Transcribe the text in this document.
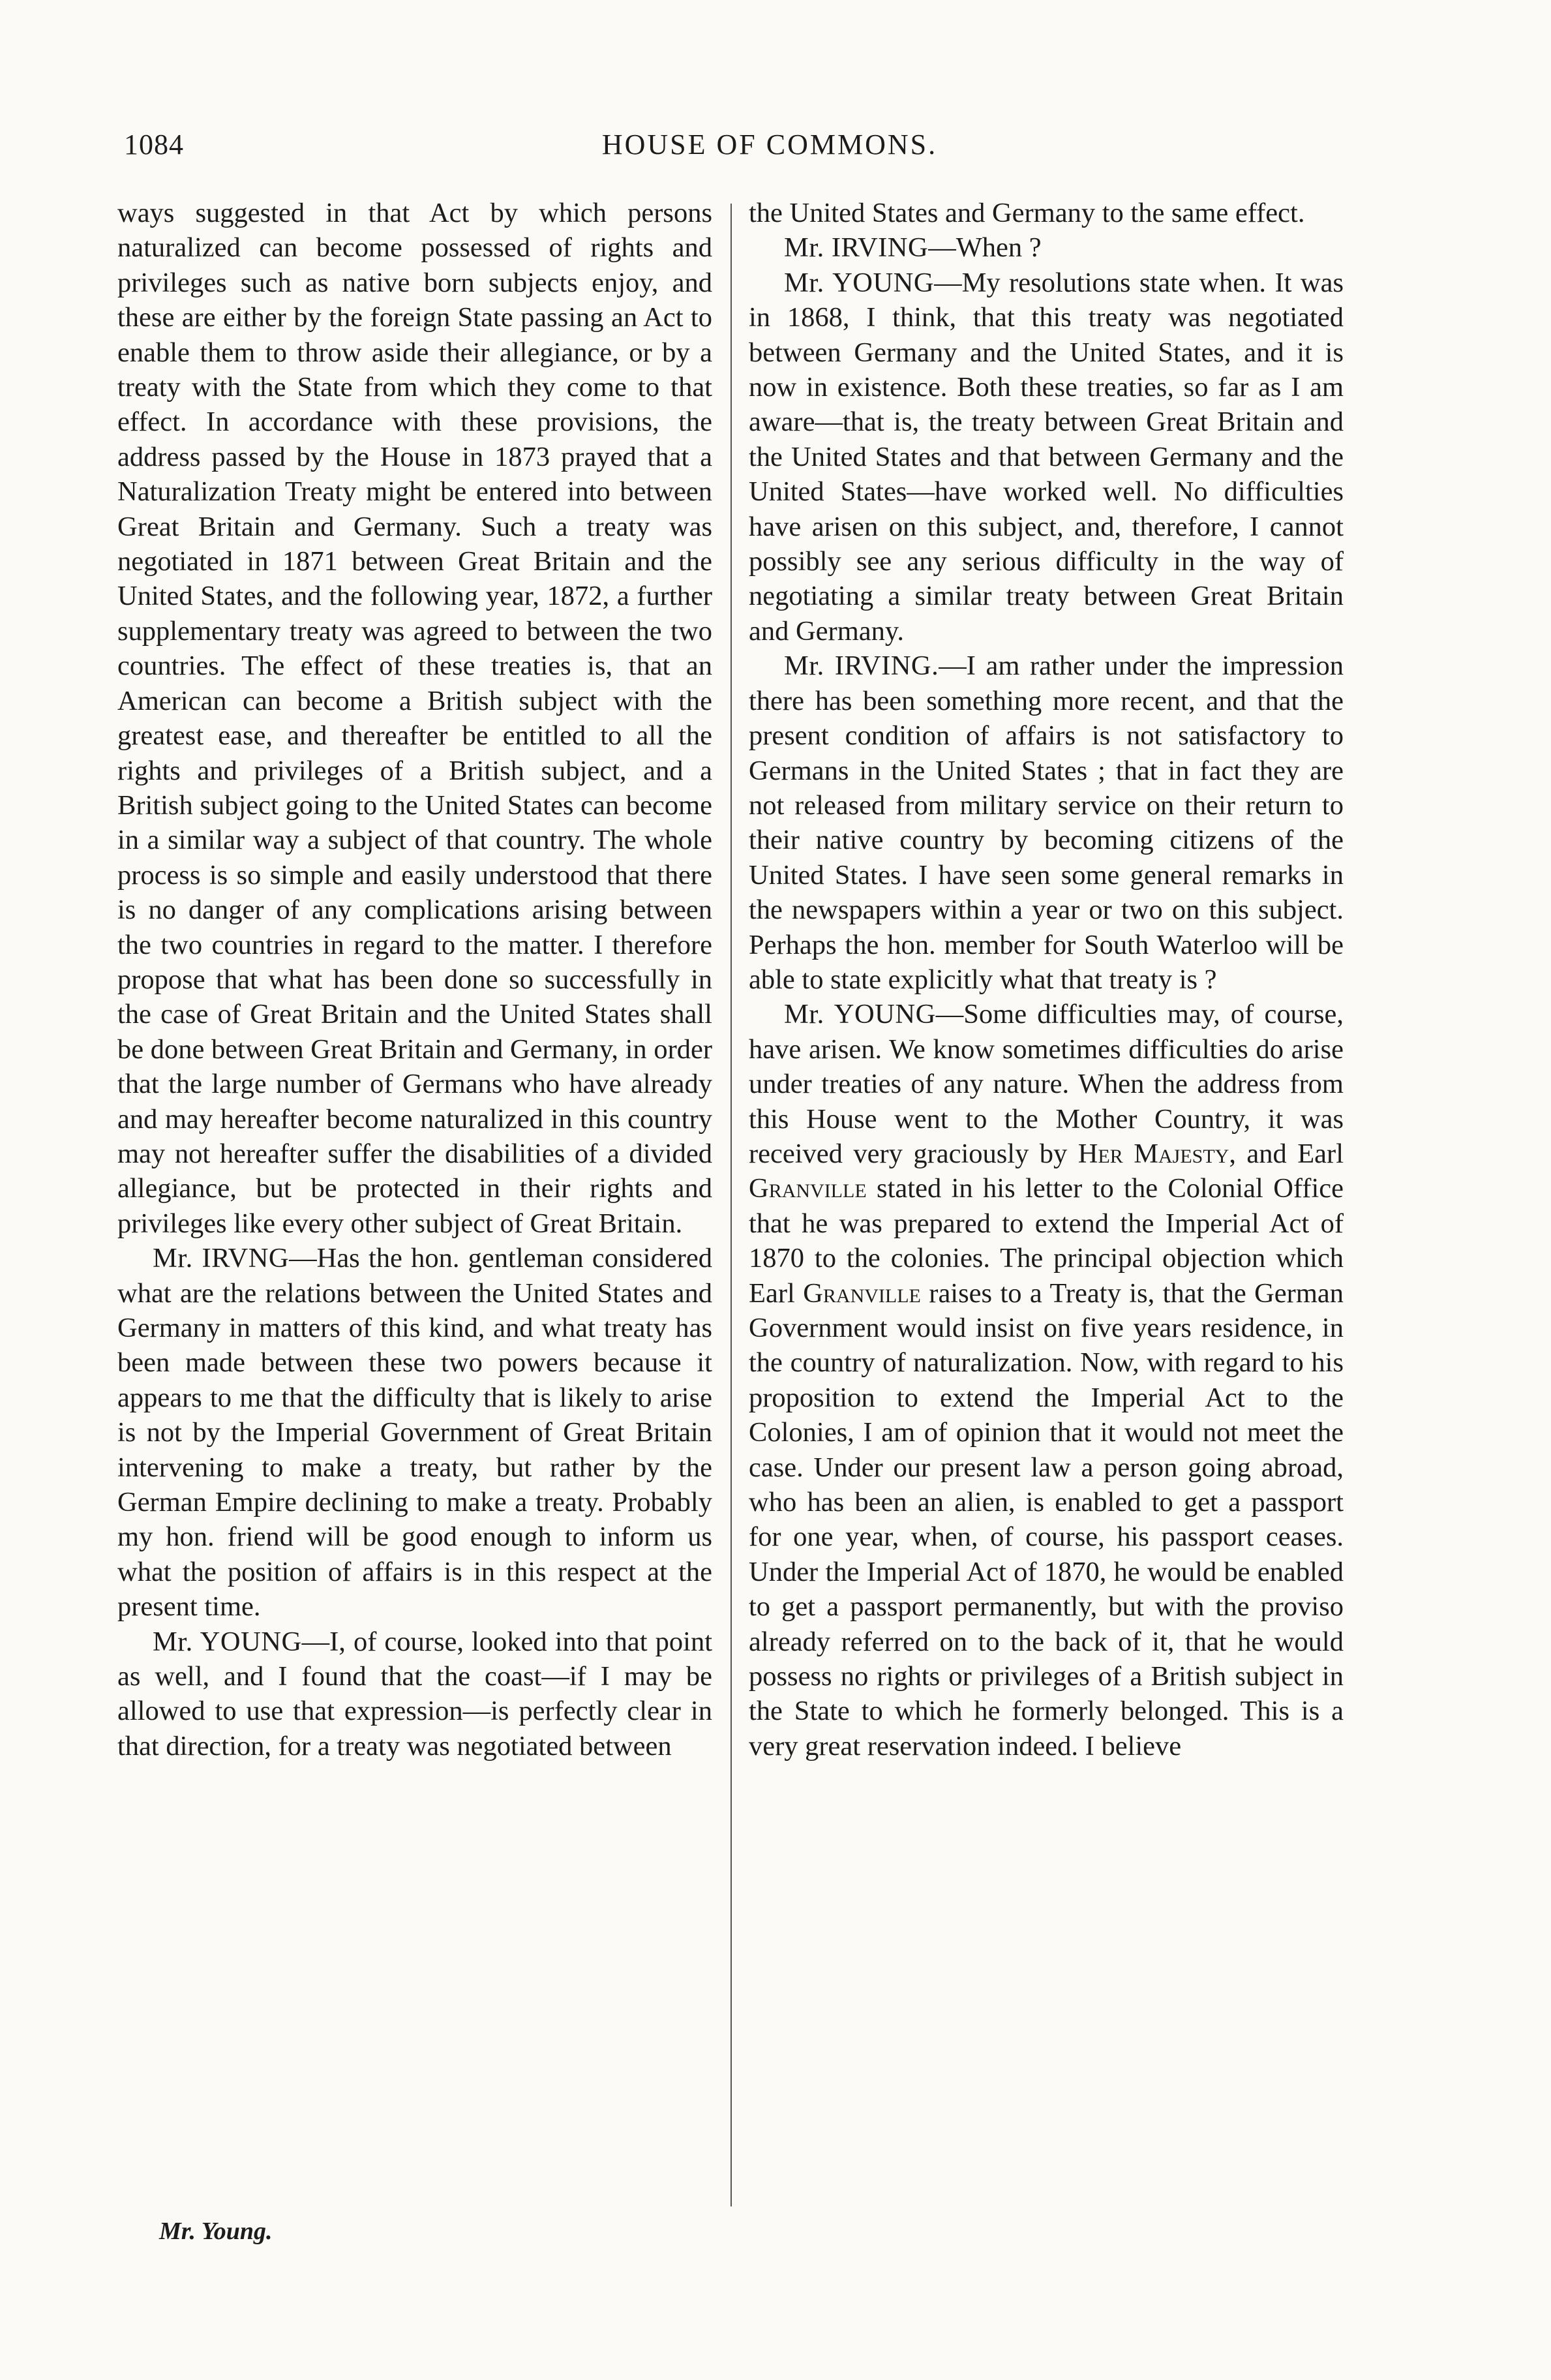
1084	HOUSE OF COMMONS.

ways suggested in that Act by which persons naturalized can become possessed of rights and privileges such as native born subjects enjoy, and these are either by the foreign State passing an Act to enable them to throw aside their allegiance, or by a treaty with the State from which they come to that effect. In accordance with these provisions, the address passed by the House in 1873 prayed that a Naturalization Treaty might be entered into between Great Britain and Germany. Such a treaty was negotiated in 1871 between Great Britain and the United States, and the following year, 1872, a further supplementary treaty was agreed to between the two countries. The effect of these treaties is, that an American can become a British subject with the greatest ease, and thereafter be entitled to all the rights and privileges of a British subject, and a British subject going to the United States can become in a similar way a subject of that country. The whole process is so simple and easily understood that there is no danger of any complications arising between the two countries in regard to the matter. I therefore propose that what has been done so successfully in the case of Great Britain and the United States shall be done between Great Britain and Germany, in order that the large number of Germans who have already and may hereafter become naturalized in this country may not hereafter suffer the disabilities of a divided allegiance, but be protected in their rights and privileges like every other subject of Great Britain.

Mr. IRVNG—Has the hon. gentleman considered what are the relations between the United States and Germany in matters of this kind, and what treaty has been made between these two powers because it appears to me that the difficulty that is likely to arise is not by the Imperial Government of Great Britain intervening to make a treaty, but rather by the German Empire declining to make a treaty. Probably my hon. friend will be good enough to inform us what the position of affairs is in this respect at the present time.

Mr. YOUNG—I, of course, looked into that point as well, and I found that the coast—if I may be allowed to use that expression—is perfectly clear in that direction, for a treaty was negotiated between

the United States and Germany to the same effect.

Mr. IRVING—When ?

Mr. YOUNG—My resolutions state when. It was in 1868, I think, that this treaty was negotiated between Germany and the United States, and it is now in existence. Both these treaties, so far as I am aware—that is, the treaty between Great Britain and the United States and that between Germany and the United States—have worked well. No difficulties have arisen on this subject, and, therefore, I cannot possibly see any serious difficulty in the way of negotiating a similar treaty between Great Britain and Germany.

Mr. IRVING.—I am rather under the impression there has been something more recent, and that the present condition of affairs is not satisfactory to Germans in the United States ; that in fact they are not released from military service on their return to their native country by becoming citizens of the United States. I have seen some general remarks in the newspapers within a year or two on this subject. Perhaps the hon. member for South Waterloo will be able to state explicitly what that treaty is ?

Mr. YOUNG—Some difficulties may, of course, have arisen. We know sometimes difficulties do arise under treaties of any nature. When the address from this House went to the Mother Country, it was received very graciously by Her Majesty, and Earl Granville stated in his letter to the Colonial Office that he was prepared to extend the Imperial Act of 1870 to the colonies. The principal objection which Earl Granville raises to a Treaty is, that the German Government would insist on five years residence, in the country of naturalization. Now, with regard to his proposition to extend the Imperial Act to the Colonies, I am of opinion that it would not meet the case. Under our present law a person going abroad, who has been an alien, is enabled to get a passport for one year, when, of course, his passport ceases. Under the Imperial Act of 1870, he would be enabled to get a passport permanently, but with the proviso already referred on to the back of it, that he would possess no rights or privileges of a British subject in the State to which he formerly belonged. This is a very great reservation indeed. I believe

Mr. Young.
